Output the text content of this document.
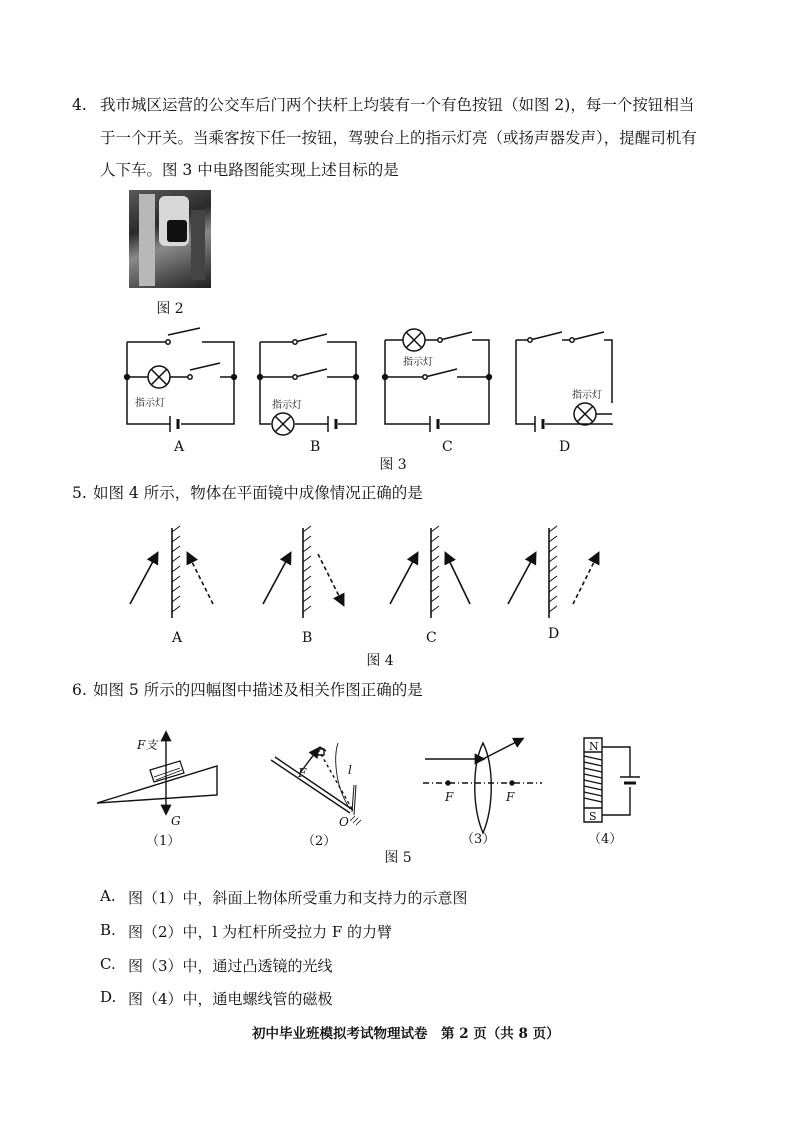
4. 我市城区运营的公交车后门两个扶杆上均装有一个有色按钮（如图 2)，每一个按钮相当
于一个开关。当乘客按下任一按钮，驾驶台上的指示灯亮（或扬声器发声），提醒司机有
人下车。图 3 中电路图能实现上述目标的是
图 2
指示灯	指示灯
指示灯
指示灯
A	B	C	D
图 3
5. 如图 4 所示，物体在平面镜中成像情况正确的是
A	B	C	D
图 4
6. 如图 5 所示的四幅图中描述及相关作图正确的是
F支
G
F	l
O
F	F
N
S
（1）	（2）	（3）	（4）
图 5
A. 图（1）中，斜面上物体所受重力和支持力的示意图
B. 图（2）中，l 为杠杆所受拉力 F 的力臂
C. 图（3）中，通过凸透镜的光线
D. 图（4）中，通电螺线管的磁极
初中毕业班模拟考试物理试卷　第 2 页（共 8 页）
